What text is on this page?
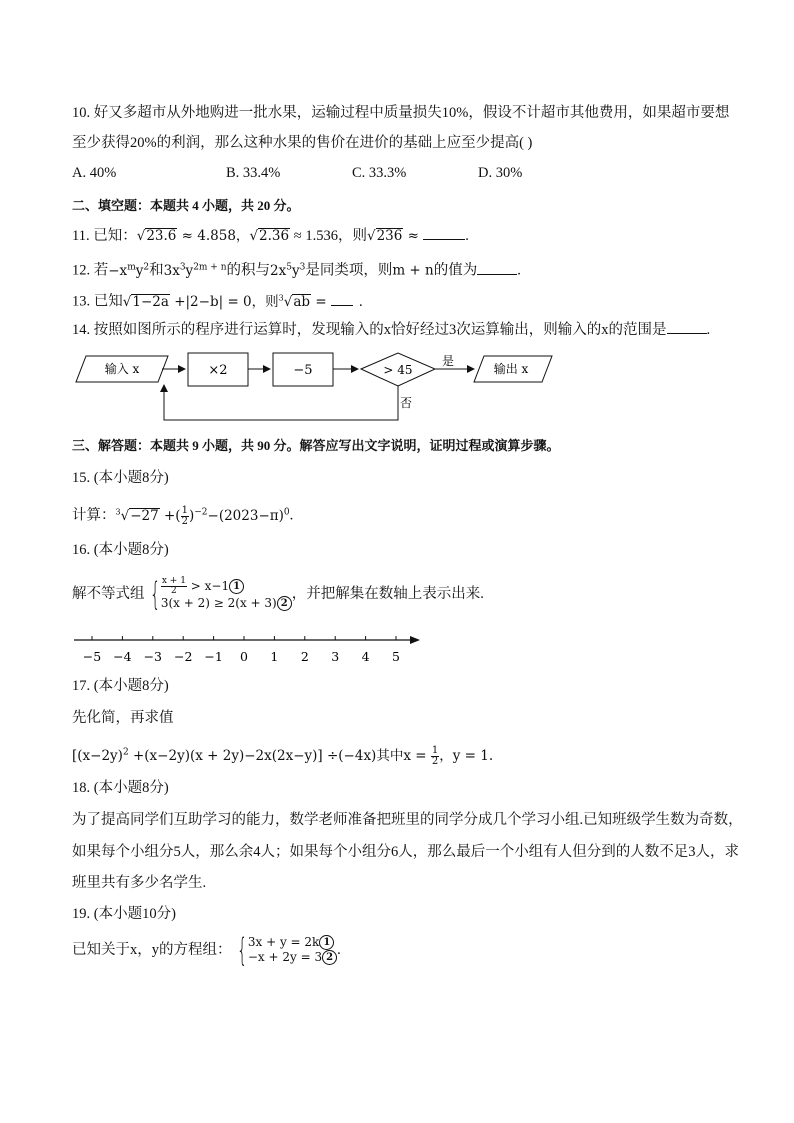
10. 好又多超市从外地购进一批水果，运输过程中质量损失10%，假设不计超市其他费用，如果超市要想
至少获得20%的利润，那么这种水果的售价在进价的基础上应至少提高( )
A. 40%	B. 33.4%	C. 33.3%	D. 30%
二、填空题：本题共 4 小题，共 20 分。
11. 已知：√23.6 ≈ 4.858，√2.36 ≈ 1.536，则√236 ≈	.
12. 若$-x^my^2$和$3x^3y^{2m + n}$的积与$2x^5y^3$是同类项，则m + n的值为	.
13. 已知√1−2a +|2−b| = 0，则$^3$√ab = .
14. 按照如图所示的程序进行运算时，发现输入的x恰好经过3次运算输出，则输入的x的范围是	.
输入 x	×2	−5	> 45
是
输出 x
否
三、解答题：本题共 9 小题，共 90 分。解答应写出文字说明，证明过程或演算步骤。
15. (本小题8分)
计算：$^3$√−27 +( $\frac{1}{2} )^{-2}-(2023-\pi)^0$.
16. (本小题8分)
解不等式组 { $\frac{x + 1}{2} > x-1$ 1
3(x + 2) ≥ 2(x + 3) 2
，并把解集在数轴上表示出来.
−5 −4 −3 −2 −1 0 1 2 3 4 5
17. (本小题8分)
先化简，再求值
$[(x-2y)^2 +(x-2y)(x + 2y)-2x(2x-y)] \div(-4x)$其中$x = \frac{1}{2}$ ，y = 1.
18. (本小题8分)
为了提高同学们互助学习的能力，数学老师准备把班里的同学分成几个学习小组.已知班级学生数为奇数，
如果每个小组分5人，那么余4人；如果每个小组分6人，那么最后一个小组有人但分到的人数不足3人，求
班里共有多少名学生.
19. (本小题10分)
已知关于x，y的方程组： { 3x + y = 2k 1
−x + 2y = 3 2 .
